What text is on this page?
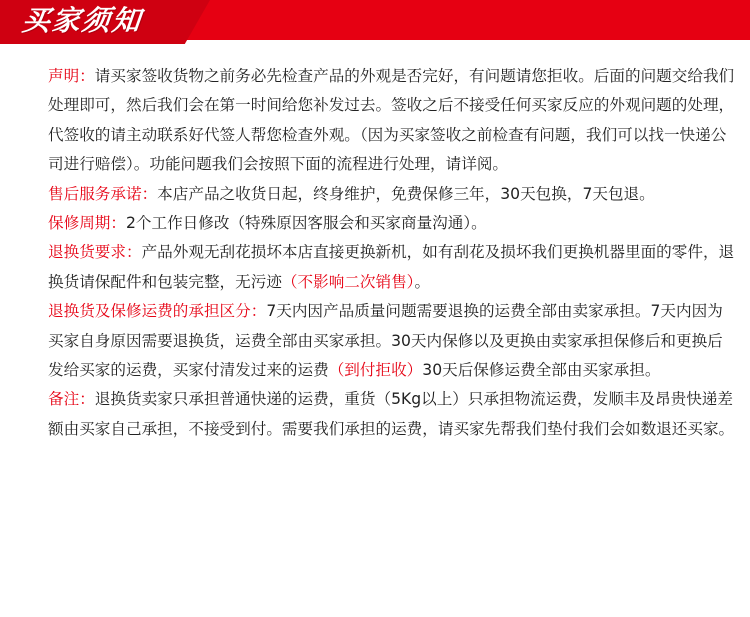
买家须知

声明：请买家签收货物之前务必先检查产品的外观是否完好，有问题请您拒收。后面的问题交给我们处理即可，然后我们会在第一时间给您补发过去。签收之后不接受任何买家反应的外观问题的处理，代签收的请主动联系好代签人帮您检查外观。（因为买家签收之前检查有问题，我们可以找一快递公司进行赔偿）。功能问题我们会按照下面的流程进行处理，请详阅。

售后服务承诺：本店产品之收货日起，终身维护，免费保修三年，30天包换，7天包退。

保修周期：2个工作日修改（特殊原因客服会和买家商量沟通）。

退换货要求：产品外观无刮花损坏本店直接更换新机，如有刮花及损坏我们更换机器里面的零件，退换货请保配件和包装完整，无污迹（不影响二次销售）。

退换货及保修运费的承担区分：7天内因产品质量问题需要退换的运费全部由卖家承担。7天内因为买家自身原因需要退换货，运费全部由买家承担。30天内保修以及更换由卖家承担保修后和更换后发给买家的运费，买家付清发过来的运费（到付拒收）30天后保修运费全部由买家承担。

备注：退换货卖家只承担普通快递的运费，重货（5Kg以上）只承担物流运费，发顺丰及昂贵快递差额由买家自己承担，不接受到付。需要我们承担的运费，请买家先帮我们垫付我们会如数退还买家。
